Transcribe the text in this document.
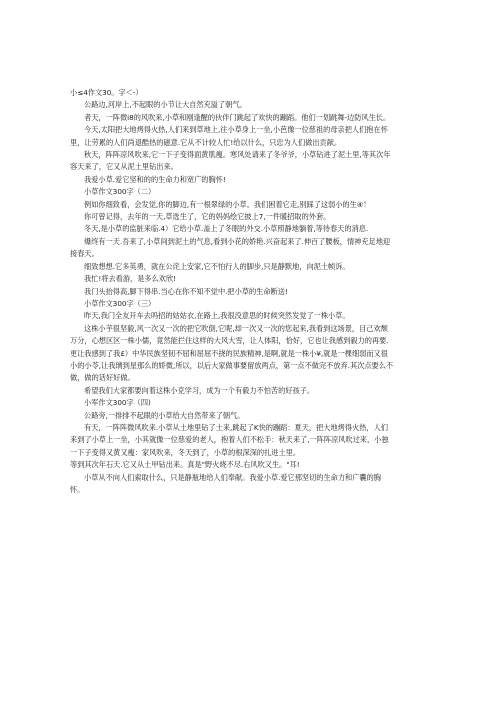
小≤4作文30。字＜-）
公路边,河岸上,不起眼的小节让大自然充溢了朝气。
者天，一阵微i8的风吹来,小草和刚逢醒的伙伴门跳起了欢快的蹦蹈。他们一划跳舞-边防风生长。
今天,太阳把大地烤得火热,人们来到草地上,往小草身上一坐,小芭像一位慈祖的母亲把人们抱在怀
里，让劳累的人们尚退酷热的磁意.它从不计较人忙!给以什么，只忠为人们做出贡献。
秋天，阵阵凉风吹来,它一下子变得面黄肌瘦。寒风处请来了冬爷爷，小草钻进了泥土里,等其次年
容天来了，它又从泥土里钻出来。
我爱小草.爱它坚和的的生命力和宽广的胸怀!
小草作文300字（二）
例如你细致看，会发觉,你的脚边,有一根翠绿的小草。我们困着它走,别踩了这弱小的生④！
你可曾记得，去年的一天,草选生了，它的妈妈绘它披上7,一件暖招取的外套。
冬天,是小草的监脏来临.4）它给小草.盖上了冬眠的外交.小草照静地躺着,等待春天的消息.
爆终有一天.吾来了,小草间到泥土的气息,看到小花的娇艳.兴奋起来了.伸百了腰板，情神充足地迎
接春天。
细致想想.它多英勇，就在公诧上安家,它不怕行人的脚步,只是静默地，向泥土帧诉。
我忙!将去看游，是多么欢欣!
我门头抬得高,脚下得串.当心在你不知不觉中.把小草的生命断送!
小草作文300字（三）
昨天,我门全友开车去吗招的姑姑衣,在路上,我很没意思的时候突然发觉了一株小草。
这株小芋很坚毅,风一次又一次的把它吹倒,它呢,却一次又一次的您起来,我看到这场景，目己欢颓
万分，心想区区一株小儒，竟然能拦住这样的大风大雪，让人体阳，恰好，它也让我感到毅力的再要.
更让我感到了我£）中华民族坚韧不屈和屈屈不挠的民族精神,是啊,就是一株小¥,就是一棵细弱而又很
小的小苓,让我璃到星那么的娇微,所以，以后大家做事要留放两点，第一点不做完不放弃.其次点要么不
做，做的话好好做。
希望我们大家都要向着这株小克学习，成为一个有毅力不怕苦的好孩子。
小军作文300字（四)
公路旁,一排排不起眼的小草给大自然带来了朝气。
有天，一阵阵微风吹来.小草从土地里钻了土来,跳起了K快的蹦蹈：夏天，把大地烤得火热，人们
来到了小草上一坐，小其就像一位慈爱的老人，抱着人们不松手：秋天来了,一阵阵凉风吹过来，小独
一下子变得又黄又瘦：家风吹来，冬天到了，小草的根深深的扎进土里。
等到其次年石天.它又从土甲钻出来。真是"野火烧不尽.右风吹又生。"耳!
小草从不向人们索取什么，只是静瓶地给人们奉献。我爱小草.爱它那坚切的生命力和广囊的胸
怀。
